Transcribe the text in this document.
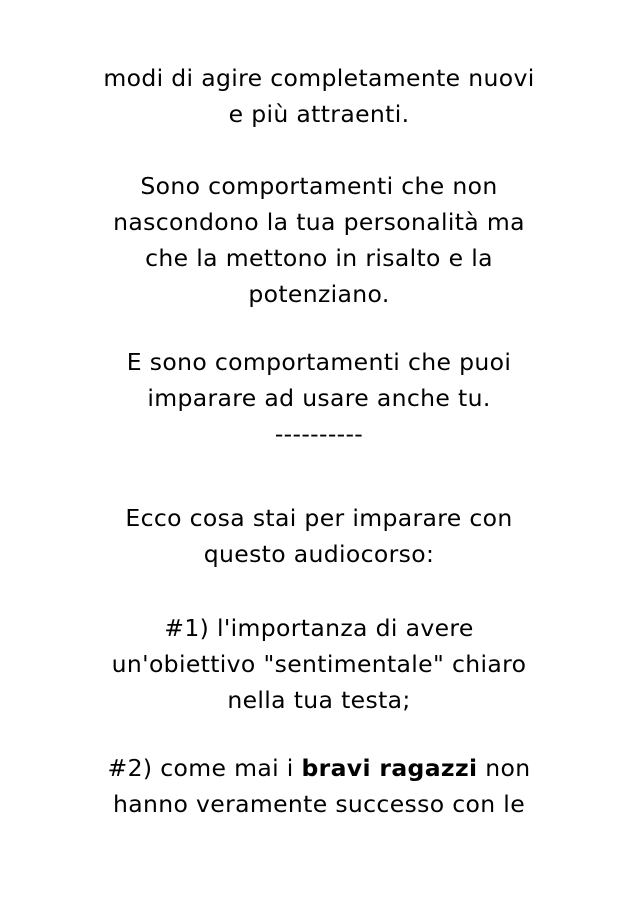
modi di agire completamente nuovi
e più attraenti.

Sono comportamenti che non
nascondono la tua personalità ma
che la mettono in risalto e la
potenziano.

E sono comportamenti che puoi
imparare ad usare anche tu.
----------

Ecco cosa stai per imparare con
questo audiocorso:

#1) l'importanza di avere
un'obiettivo "sentimentale" chiaro
nella tua testa;

#2) come mai i bravi ragazzi non
hanno veramente successo con le
